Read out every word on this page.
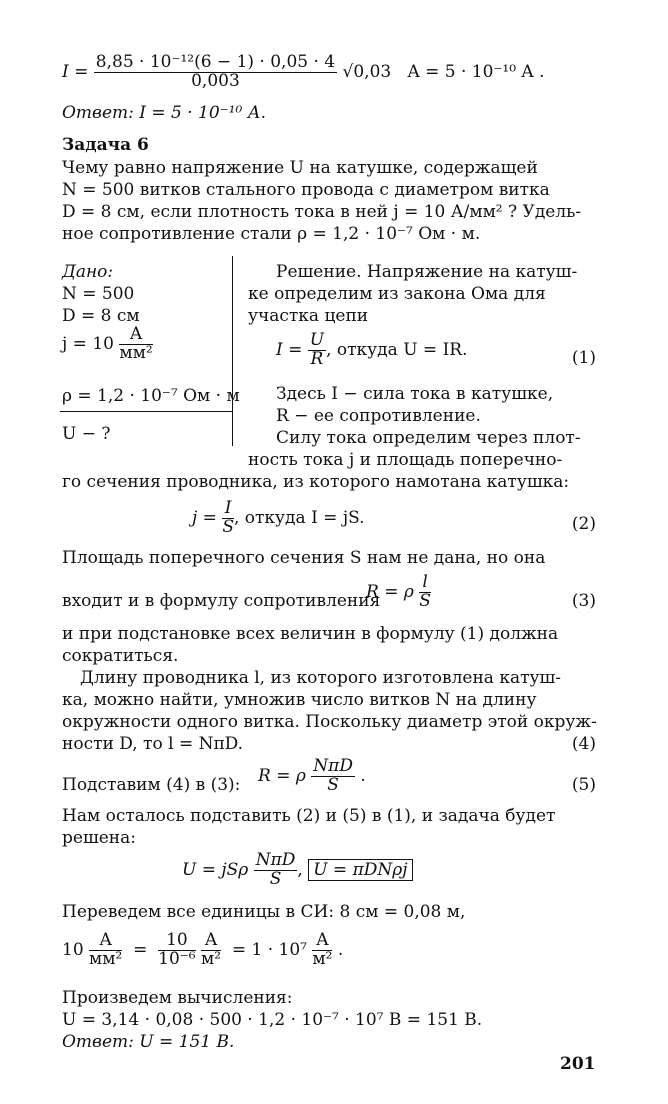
$I = \frac{\text{8,85 · 10⁻¹²(6 − 1) · 0,05 · 4}}{0,003} √0,03$ A = 5 · 10⁻¹⁰ A .
Ответ: I = 5 · 10⁻¹⁰ А.
Задача 6
Чему равно напряжение U на катушке, содержащей
N = 500 витков стального провода с диаметром витка
D = 8 см, если плотность тока в ней j = 10 А/мм² ? Удель-
ное сопротивление стали ρ = 1,2 · 10⁻⁷ Ом · м.
Дано:
N = 500
D = 8 см
$j = 10 \frac{А}{\text{мм²}}$
ρ = 1,2 · 10⁻⁷ Ом · м
U − ?
Решение. Напряжение на катуш-
ке определим из закона Ома для
участка цепи
$I = \frac{U}{R}$ , откуда U = IR.	(1)
Здесь I − сила тока в катушке,
R − ее сопротивление.
Силу тока определим через плот-
ность тока j и площадь поперечно-
го сечения проводника, из которого намотана катушка:
$j = \frac{I}{S}$ , откуда I = jS.	(2)
Площадь поперечного сечения S нам не дана, но она
входит и в формулу сопротивления
R = ρ $\frac{l}{S}$	(3)
и при подстановке всех величин в формулу (1) должна
сократиться.
Длину проводника l, из которого изготовлена катуш-
ка, можно найти, умножив число витков N на длину
окружности одного витка. Поскольку диаметр этой окруж-
ности D, то l = NπD.	(4)
Подставим (4) в (3): R = ρ $\frac{\text{NπD}}{S}$ .	(5)
Нам осталось подставить (2) и (5) в (1), и задача будет
решена:
U = jSρ $\frac{\text{NπD}}{S}$ , U = πDNρj
Переведем все единицы в СИ: 8 см = 0,08 м,
$10 \frac{А}{\text{мм²}} = \frac{10}{\text{10⁻⁶}}$
$\frac{А}{\text{м²}} = 1 \cdot 10^7 \frac{А}{\text{м²}}$ .
Произведем вычисления:
U = 3,14 · 0,08 · 500 · 1,2 · 10⁻⁷ · 10⁷ В = 151 В.
Ответ: U = 151 В.
201
